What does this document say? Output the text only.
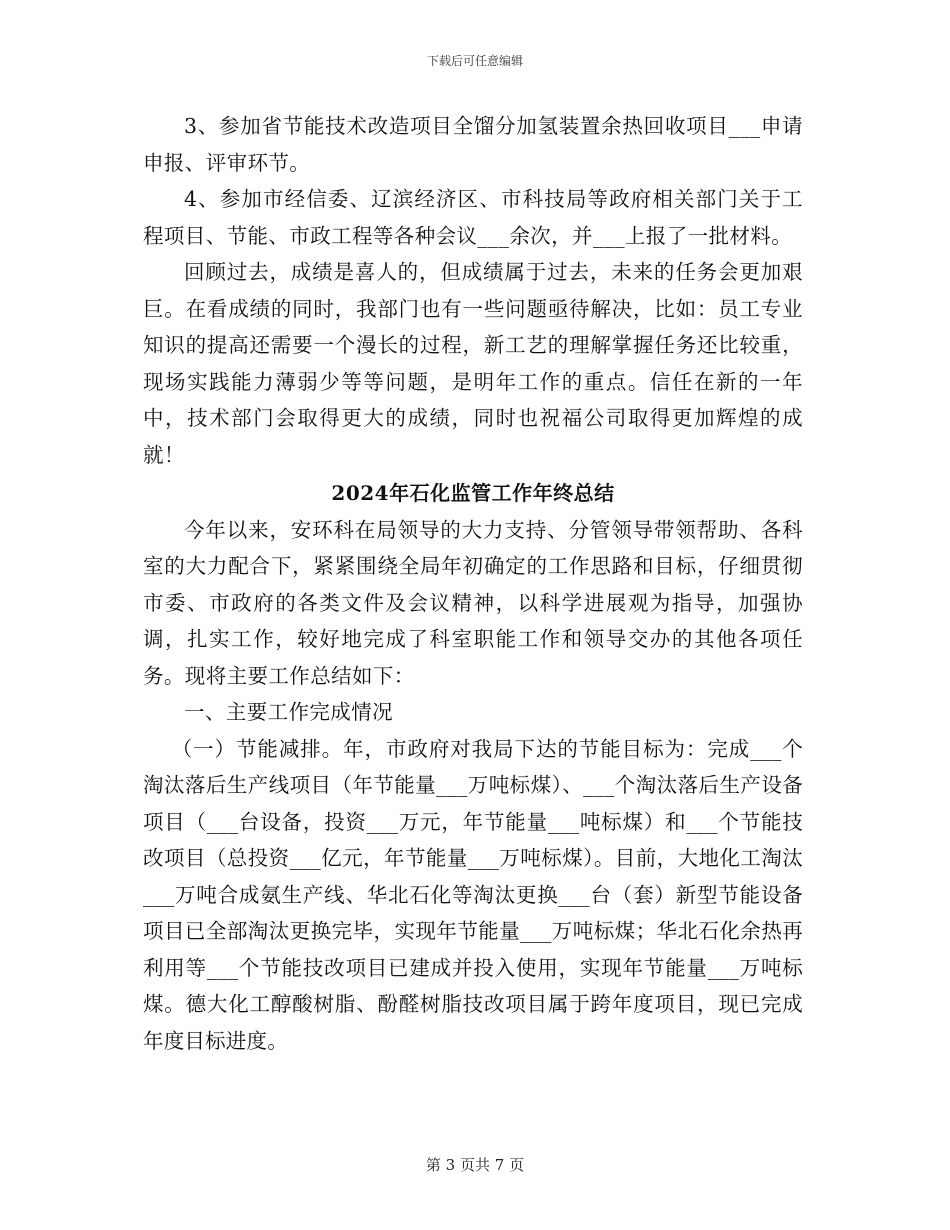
下载后可任意编辑

3、参加省节能技术改造项目全馏分加氢装置余热回收项目___申请申报、评审环节。

4、参加市经信委、辽滨经济区、市科技局等政府相关部门关于工程项目、节能、市政工程等各种会议___余次，并___上报了一批材料。

回顾过去，成绩是喜人的，但成绩属于过去，未来的任务会更加艰巨。在看成绩的同时，我部门也有一些问题亟待解决，比如：员工专业知识的提高还需要一个漫长的过程，新工艺的理解掌握任务还比较重，现场实践能力薄弱少等等问题，是明年工作的重点。信任在新的一年中，技术部门会取得更大的成绩，同时也祝福公司取得更加辉煌的成就！

2024年石化监管工作年终总结

今年以来，安环科在局领导的大力支持、分管领导带领帮助、各科室的大力配合下，紧紧围绕全局年初确定的工作思路和目标，仔细贯彻市委、市政府的各类文件及会议精神，以科学进展观为指导，加强协调，扎实工作，较好地完成了科室职能工作和领导交办的其他各项任务。现将主要工作总结如下：

一、主要工作完成情况

（一）节能减排。年，市政府对我局下达的节能目标为：完成___个淘汰落后生产线项目（年节能量___万吨标煤）、___个淘汰落后生产设备项目（___台设备，投资___万元，年节能量___吨标煤）和___个节能技改项目（总投资___亿元，年节能量___万吨标煤）。目前，大地化工淘汰___万吨合成氨生产线、华北石化等淘汰更换___台（套）新型节能设备项目已全部淘汰更换完毕，实现年节能量___万吨标煤；华北石化余热再利用等___个节能技改项目已建成并投入使用，实现年节能量___万吨标煤。德大化工醇酸树脂、酚醛树脂技改项目属于跨年度项目，现已完成年度目标进度。

第 3 页共 7 页
